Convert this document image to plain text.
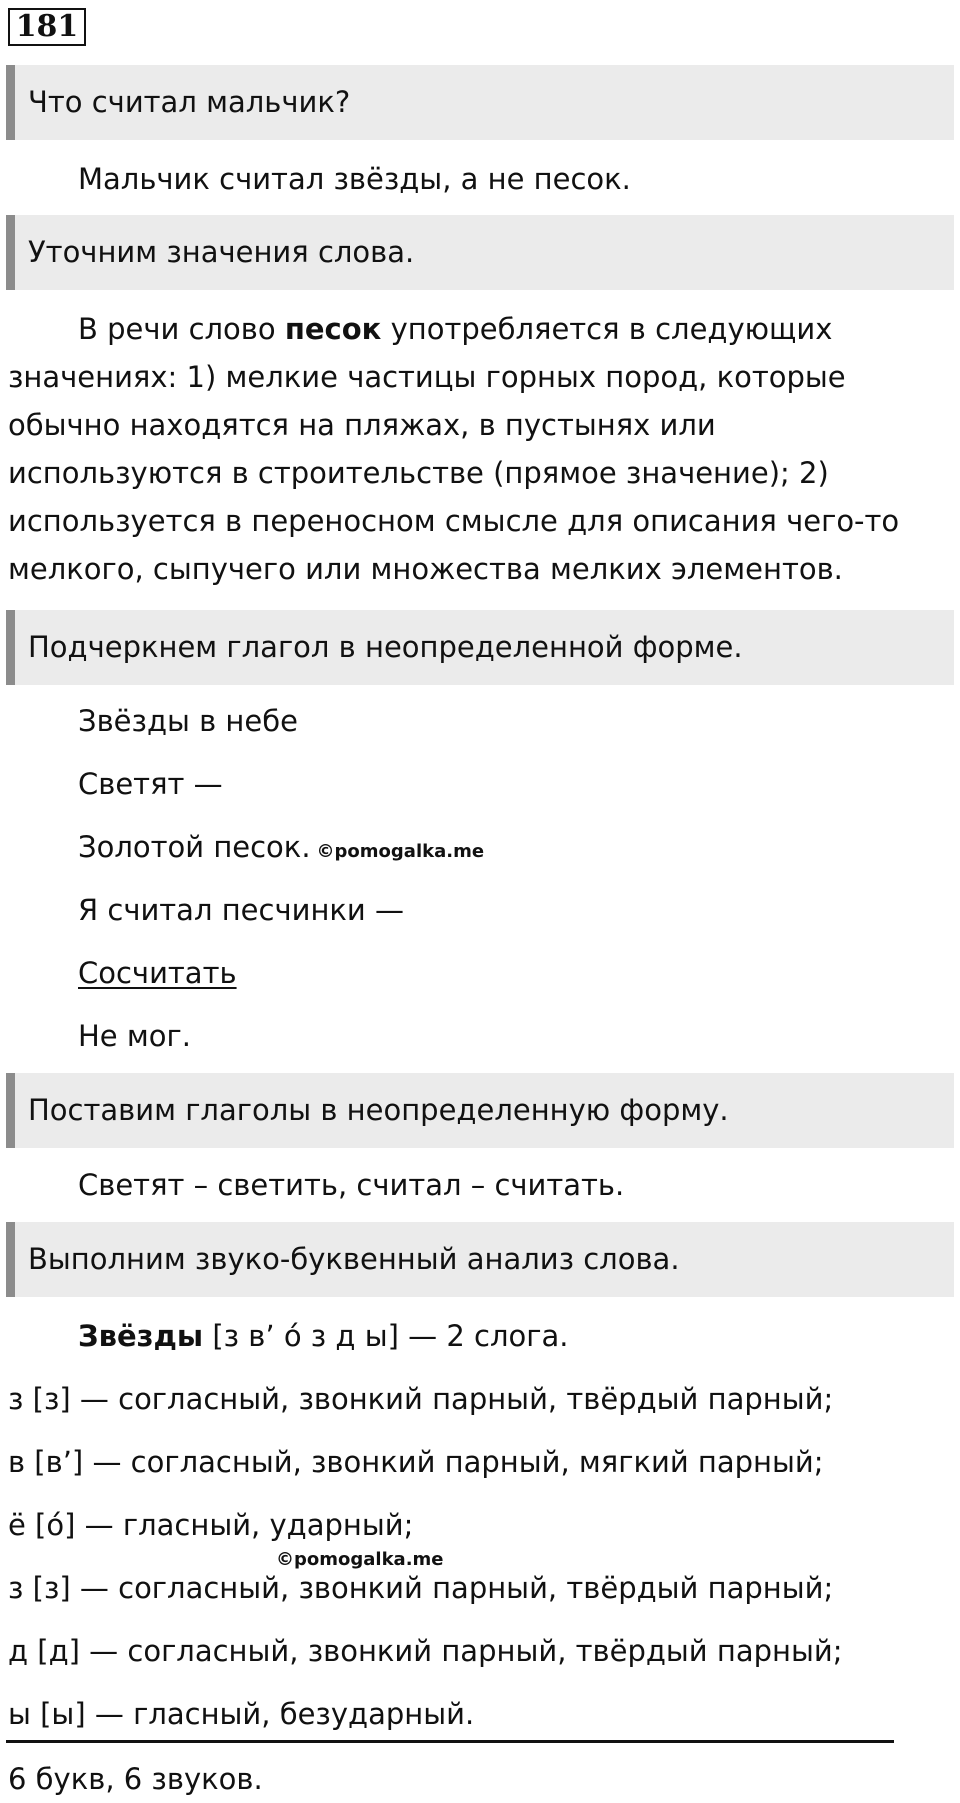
181
Что считал мальчик?
Мальчик считал звёзды, а не песок.
Уточним значения слова.
В речи слово песок употребляется в следующих
значениях: 1) мелкие частицы горных пород, которые
обычно находятся на пляжах, в пустынях или
используются в строительстве (прямое значение); 2)
используется в переносном смысле для описания чего-то
мелкого, сыпучего или множества мелких элементов.
Подчеркнем глагол в неопределенной форме.
Звёзды в небе
Светят —
Золотой песок. ©pomogalka.me
Я считал песчинки —
Сосчитать
Не мог.
Поставим глаголы в неопределенную форму.
Светят – светить, считал – считать.
Выполним звуко-буквенный анализ слова.
Звёзды [з в’ о́ з д ы] — 2 слога.
з [з] — согласный, звонкий парный, твёрдый парный;
в [в’] — согласный, звонкий парный, мягкий парный;
ё [о́] — гласный, ударный;
©pomogalka.me
з [з] — согласный, звонкий парный, твёрдый парный;
д [д] — согласный, звонкий парный, твёрдый парный;
ы [ы] — гласный, безударный.
6 букв, 6 звуков.
